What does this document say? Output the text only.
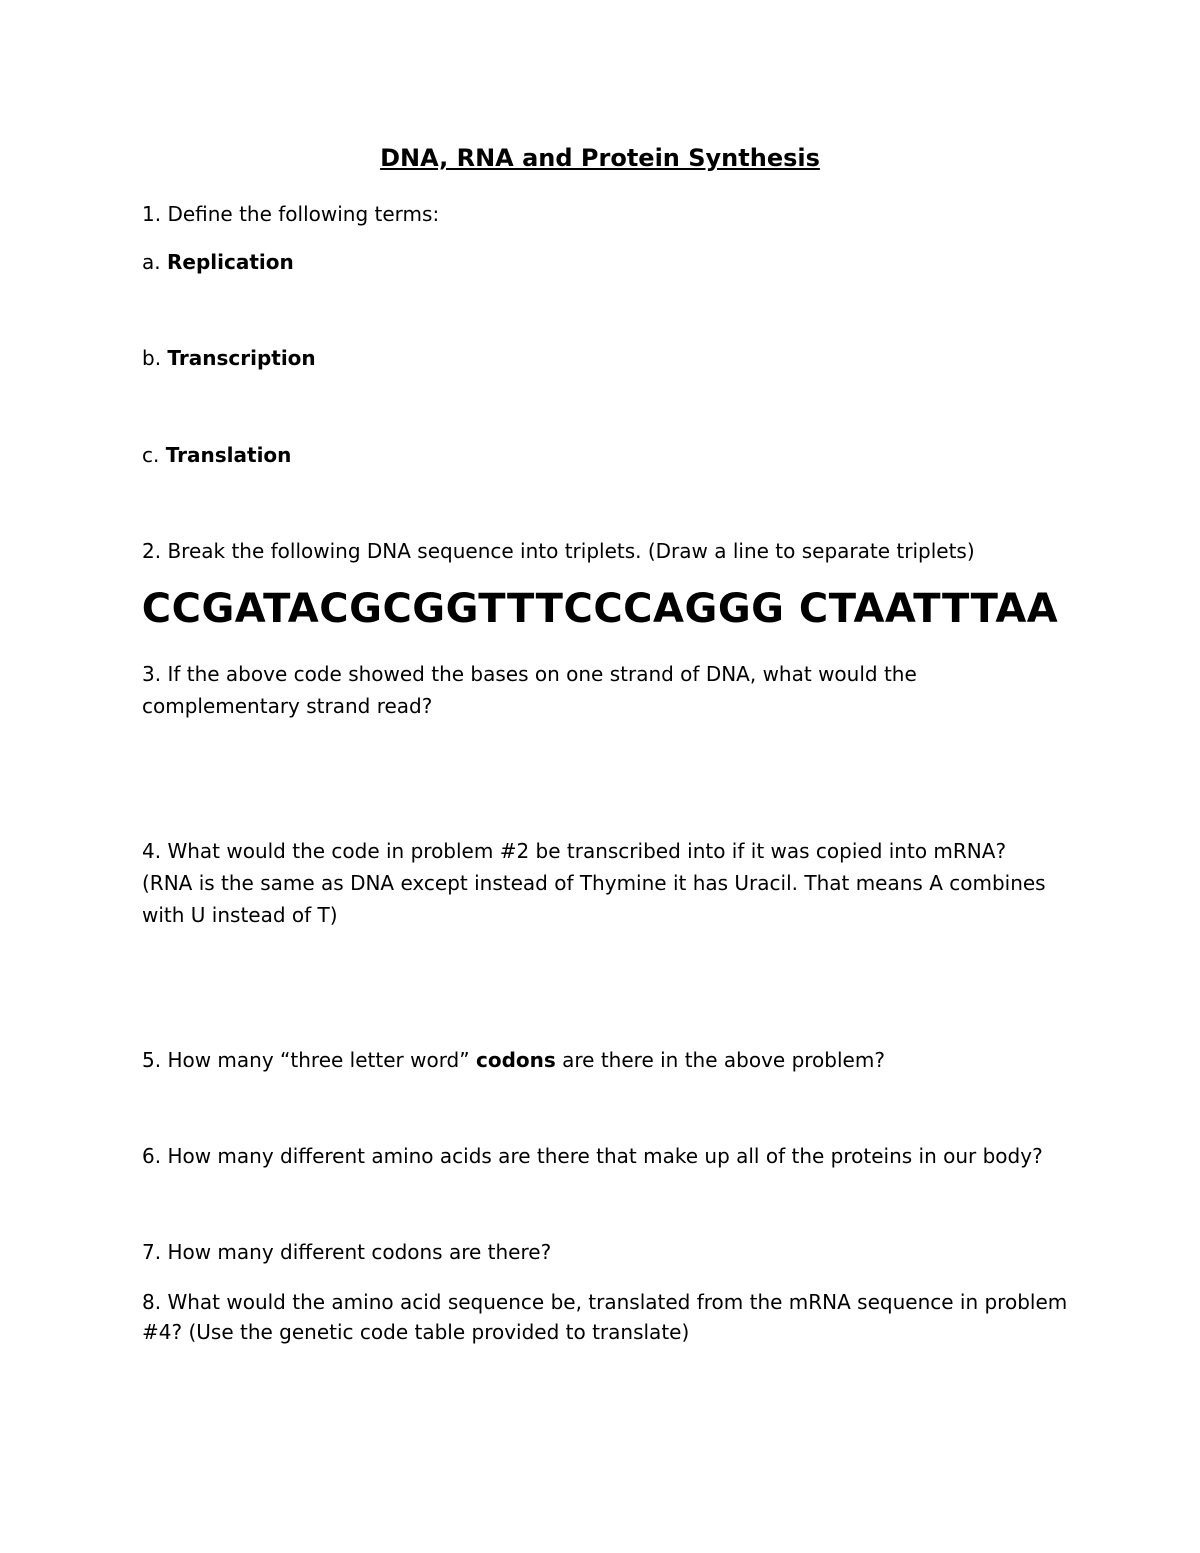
DNA, RNA and Protein Synthesis

1. Define the following terms:

a. Replication

b. Transcription

c. Translation

2. Break the following DNA sequence into triplets. (Draw a line to separate triplets)

CCGATACGCGGTTTCCCAGGG CTAATTTAA

3. If the above code showed the bases on one strand of DNA, what would the

complementary strand read?

4. What would the code in problem #2 be transcribed into if it was copied into mRNA?

(RNA is the same as DNA except instead of Thymine it has Uracil. That means A combines

with U instead of T)

5. How many “three letter word” codons are there in the above problem?

6. How many different amino acids are there that make up all of the proteins in our body?

7. How many different codons are there?

8. What would the amino acid sequence be, translated from the mRNA sequence in problem

#4? (Use the genetic code table provided to translate)
